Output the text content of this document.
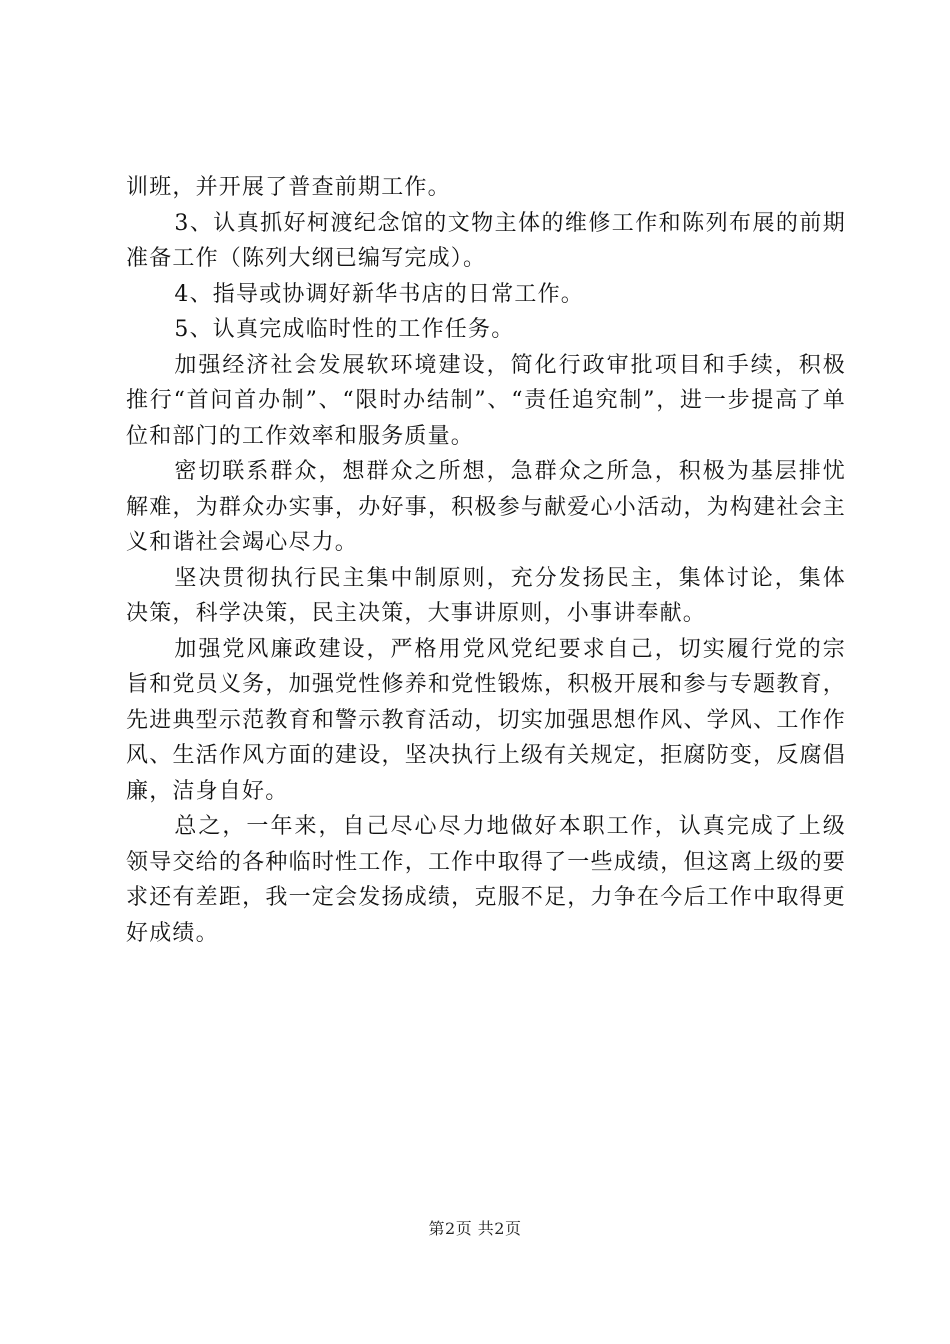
训班，并开展了普查前期工作。

3、认真抓好柯渡纪念馆的文物主体的维修工作和陈列布展的前期准备工作（陈列大纲已编写完成）。

4、指导或协调好新华书店的日常工作。

5、认真完成临时性的工作任务。

加强经济社会发展软环境建设，简化行政审批项目和手续，积极推行“首问首办制”、“限时办结制”、“责任追究制”，进一步提高了单位和部门的工作效率和服务质量。

密切联系群众，想群众之所想，急群众之所急，积极为基层排忧解难，为群众办实事，办好事，积极参与献爱心小活动，为构建社会主义和谐社会竭心尽力。

坚决贯彻执行民主集中制原则，充分发扬民主，集体讨论，集体决策，科学决策，民主决策，大事讲原则，小事讲奉献。

加强党风廉政建设，严格用党风党纪要求自己，切实履行党的宗旨和党员义务，加强党性修养和党性锻炼，积极开展和参与专题教育，先进典型示范教育和警示教育活动，切实加强思想作风、学风、工作作风、生活作风方面的建设，坚决执行上级有关规定，拒腐防变，反腐倡廉，洁身自好。

总之，一年来，自己尽心尽力地做好本职工作，认真完成了上级领导交给的各种临时性工作，工作中取得了一些成绩，但这离上级的要求还有差距，我一定会发扬成绩，克服不足，力争在今后工作中取得更好成绩。

第2页 共2页
